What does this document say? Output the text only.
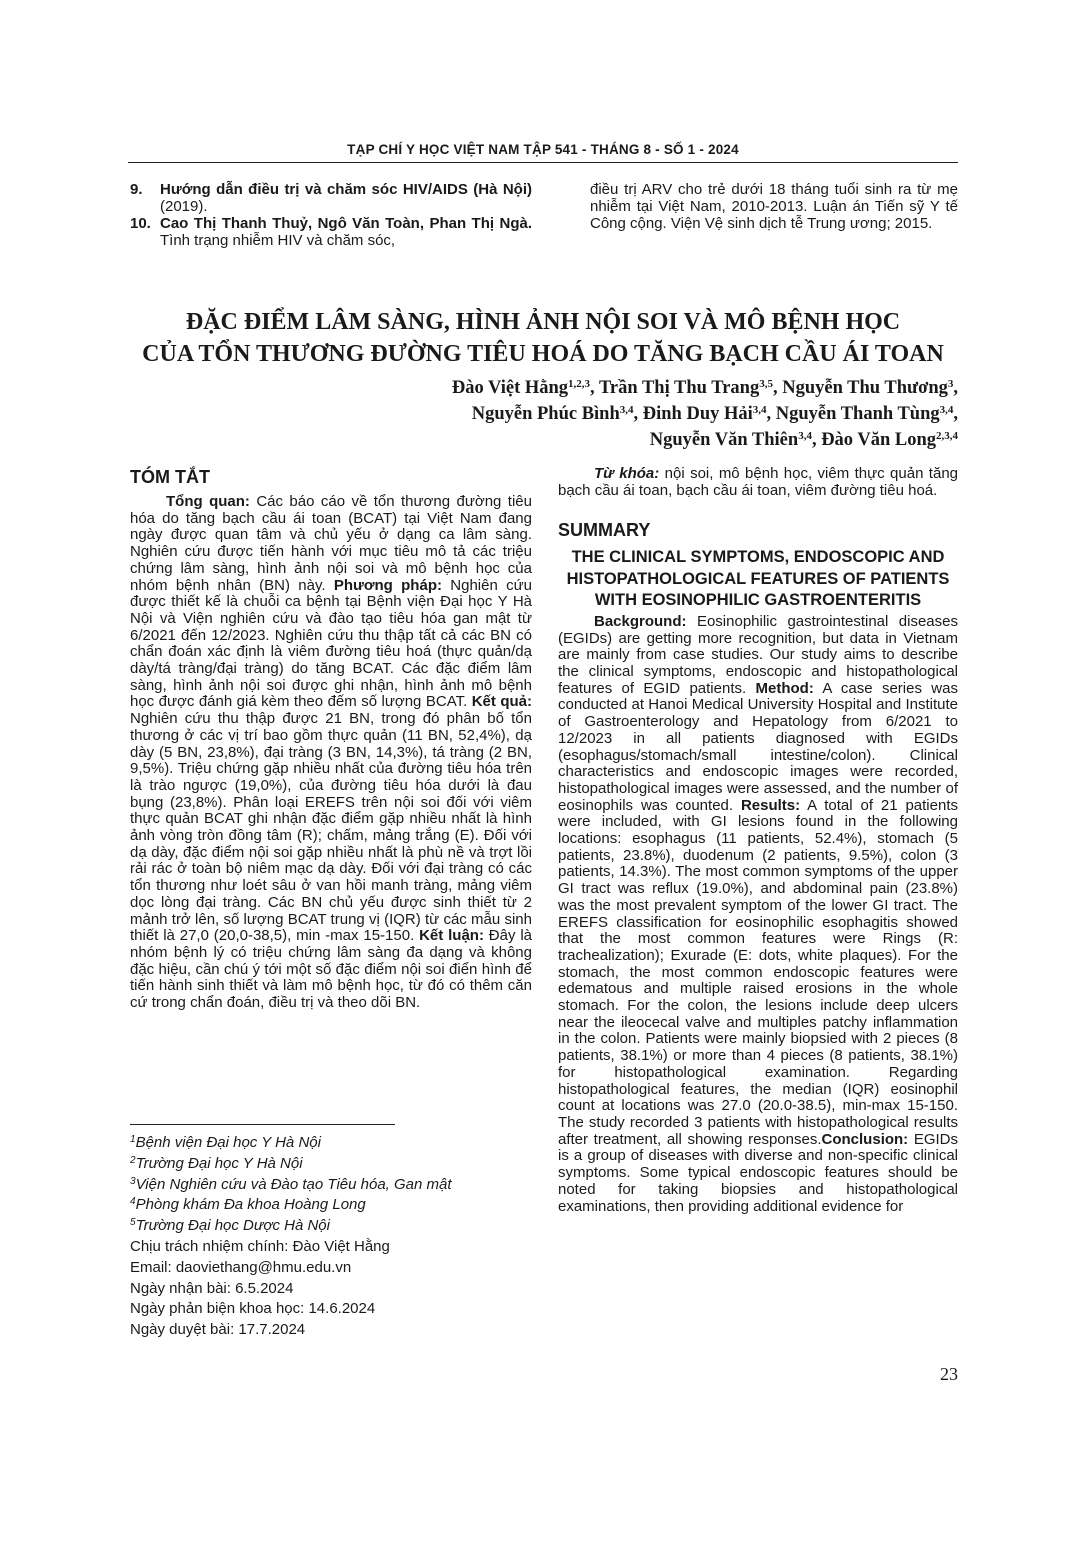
TẠP CHÍ Y HỌC VIỆT NAM TẬP 541 - THÁNG 8 - SỐ 1 - 2024
9.	Hướng dẫn điều trị và chăm sóc HIV/AIDS (Hà Nội) (2019).
10. Cao Thị Thanh Thuỷ, Ngô Văn Toàn, Phan Thị Ngà. Tình trạng nhiễm HIV và chăm sóc,
điều trị ARV cho trẻ dưới 18 tháng tuổi sinh ra từ mẹ nhiễm tại Việt Nam, 2010-2013. Luận án Tiến sỹ Y tế Công cộng. Viện Vệ sinh dịch tễ Trung ương; 2015.
ĐẶC ĐIỂM LÂM SÀNG, HÌNH ẢNH NỘI SOI VÀ MÔ BỆNH HỌC
CỦA TỔN THƯƠNG ĐƯỜNG TIÊU HOÁ DO TĂNG BẠCH CẦU ÁI TOAN
Đào Việt Hằng$^{1,2,3}$, Trần Thị Thu Trang$^{3,5}$, Nguyễn Thu Thương$^3$,
Nguyễn Phúc Bình$^{3,4}$, Đinh Duy Hải$^{3,4}$, Nguyễn Thanh Tùng$^{3,4}$,
Nguyễn Văn Thiên$^{3,4}$, Đào Văn Long$^{2,3,4}$
TÓM TẮT

Tổng quan: Các báo cáo về tổn thương đường tiêu hóa do tăng bạch cầu ái toan (BCAT) tại Việt Nam đang ngày được quan tâm và chủ yếu ở dạng ca lâm sàng. Nghiên cứu được tiến hành với mục tiêu mô tả các triệu chứng lâm sàng, hình ảnh nội soi và mô bệnh học của nhóm bệnh nhân (BN) này. Phương pháp: Nghiên cứu được thiết kế là chuỗi ca bệnh tại Bệnh viện Đại học Y Hà Nội và Viện nghiên cứu và đào tạo tiêu hóa gan mật từ 6/2021 đến 12/2023. Nghiên cứu thu thập tất cả các BN có chẩn đoán xác định là viêm đường tiêu hoá (thực quản/dạ dày/tá tràng/đại tràng) do tăng BCAT. Các đặc điểm lâm sàng, hình ảnh nội soi được ghi nhận, hình ảnh mô bệnh học được đánh giá kèm theo đếm số lượng BCAT. Kết quả: Nghiên cứu thu thập được 21 BN, trong đó phân bố tổn thương ở các vị trí bao gồm thực quản (11 BN, 52,4%), dạ dày (5 BN, 23,8%), đại tràng (3 BN, 14,3%), tá tràng (2 BN, 9,5%). Triệu chứng gặp nhiều nhất của đường tiêu hóa trên là trào ngược (19,0%), của đường tiêu hóa dưới là đau bụng (23,8%). Phân loại EREFS trên nội soi đối với viêm thực quản BCAT ghi nhận đặc điểm gặp nhiều nhất là hình ảnh vòng tròn đồng tâm (R); chấm, mảng trắng (E). Đối với dạ dày, đặc điểm nội soi gặp nhiều nhất là phù nề và trợt lồi rải rác ở toàn bộ niêm mạc dạ dày. Đối với đại tràng có các tổn thương như loét sâu ở van hồi manh tràng, mảng viêm dọc lòng đại tràng. Các BN chủ yếu được sinh thiết từ 2 mảnh trở lên, số lượng BCAT trung vị (IQR) từ các mẫu sinh thiết là 27,0 (20,0-38,5), min -max 15-150. Kết luận: Đây là nhóm bệnh lý có triệu chứng lâm sàng đa dạng và không đặc hiệu, cần chú ý tới một số đặc điểm nội soi điển hình để tiến hành sinh thiết và làm mô bệnh học, từ đó có thêm căn cứ trong chẩn đoán, điều trị và theo dõi BN.

$^1$Bệnh viện Đại học Y Hà Nội
$^2$Trường Đại học Y Hà Nội
$^3$Viện Nghiên cứu và Đào tạo Tiêu hóa, Gan mật
$^4$Phòng khám Đa khoa Hoàng Long
$^5$Trường Đại học Dược Hà Nội
Chịu trách nhiệm chính: Đào Việt Hằng
Email: daoviethang@hmu.edu.vn
Ngày nhận bài: 6.5.2024
Ngày phản biện khoa học: 14.6.2024
Ngày duyệt bài: 17.7.2024

Từ khóa: nội soi, mô bệnh học, viêm thực quản tăng bạch cầu ái toan, bạch cầu ái toan, viêm đường tiêu hoá.

SUMMARY
THE CLINICAL SYMPTOMS, ENDOSCOPIC AND HISTOPATHOLOGICAL FEATURES OF PATIENTS WITH EOSINOPHILIC GASTROENTERITIS

Background: Eosinophilic gastrointestinal diseases (EGIDs) are getting more recognition, but data in Vietnam are mainly from case studies. Our study aims to describe the clinical symptoms, endoscopic and histopathological features of EGID patients. Method: A case series was conducted at Hanoi Medical University Hospital and Institute of Gastroenterology and Hepatology from 6/2021 to 12/2023 in all patients diagnosed with EGIDs (esophagus/stomach/small intestine/colon). Clinical characteristics and endoscopic images were recorded, histopathological images were assessed, and the number of eosinophils was counted. Results: A total of 21 patients were included, with GI lesions found in the following locations: esophagus (11 patients, 52.4%), stomach (5 patients, 23.8%), duodenum (2 patients, 9.5%), colon (3 patients, 14.3%). The most common symptoms of the upper GI tract was reflux (19.0%), and abdominal pain (23.8%) was the most prevalent symptom of the lower GI tract. The EREFS classification for eosinophilic esophagitis showed that the most common features were Rings (R: trachealization); Exurade (E: dots, white plaques). For the stomach, the most common endoscopic features were edematous and multiple raised erosions in the whole stomach. For the colon, the lesions include deep ulcers near the ileocecal valve and multiples patchy inflammation in the colon. Patients were mainly biopsied with 2 pieces (8 patients, 38.1%) or more than 4 pieces (8 patients, 38.1%) for histopathological examination. Regarding histopathological features, the median (IQR) eosinophil count at locations was 27.0 (20.0-38.5), min-max 15-150. The study recorded 3 patients with histopathological results after treatment, all showing responses.Conclusion: EGIDs is a group of diseases with diverse and non-specific clinical symptoms. Some typical endoscopic features should be noted for taking biopsies and histopathological examinations, then providing additional evidence for

23
